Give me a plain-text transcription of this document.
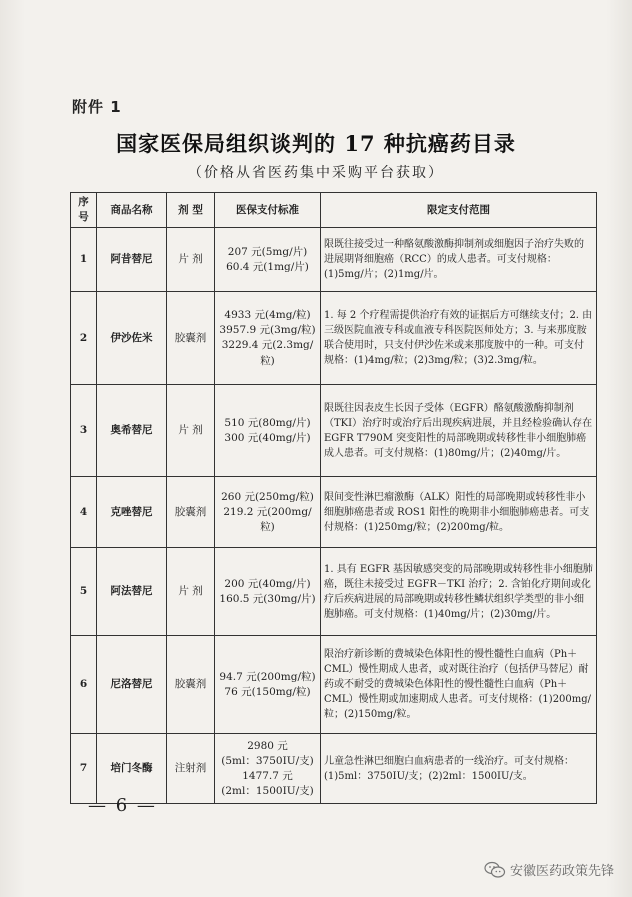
附件 1
国家医保局组织谈判的 17 种抗癌药目录
（价格从省医药集中采购平台获取）
序号	商品名称	剂 型	医保支付标准	限定支付范围
1	阿昔替尼	片 剂	207 元(5mg/片)
60.4 元(1mg/片)	限既往接受过一种酪氨酸激酶抑制剂或细胞因子治疗失败的进展期肾细胞癌（RCC）的成人患者。可支付规格：(1)5mg/片；(2)1mg/片。
2	伊沙佐米	胶囊剂	4933 元(4mg/粒)
3957.9 元(3mg/粒)
3229.4 元(2.3mg/粒)	1. 每 2 个疗程需提供治疗有效的证据后方可继续支付；2. 由三级医院血液专科或血液专科医院医师处方；3. 与来那度胺联合使用时，只支付伊沙佐米或来那度胺中的一种。可支付规格：(1)4mg/粒；(2)3mg/粒；(3)2.3mg/粒。
3	奥希替尼	片 剂	510 元(80mg/片)
300 元(40mg/片)	限既往因表皮生长因子受体（EGFR）酪氨酸激酶抑制剂（TKI）治疗时或治疗后出现疾病进展，并且经检验确认存在 EGFR T790M 突变阳性的局部晚期或转移性非小细胞肺癌成人患者。可支付规格：(1)80mg/片；(2)40mg/片。
4	克唑替尼	胶囊剂	260 元(250mg/粒)
219.2 元(200mg/粒)	限间变性淋巴瘤激酶（ALK）阳性的局部晚期或转移性非小细胞肺癌患者或 ROS1 阳性的晚期非小细胞肺癌患者。可支付规格：(1)250mg/粒；(2)200mg/粒。
5	阿法替尼	片 剂	200 元(40mg/片)
160.5 元(30mg/片)	1. 具有 EGFR 基因敏感突变的局部晚期或转移性非小细胞肺癌，既往未接受过 EGFR－TKI 治疗；2. 含铂化疗期间或化疗后疾病进展的局部晚期或转移性鳞状组织学类型的非小细胞肺癌。可支付规格：(1)40mg/片；(2)30mg/片。
6	尼洛替尼	胶囊剂	94.7 元(200mg/粒)
76 元(150mg/粒)	限治疗新诊断的费城染色体阳性的慢性髓性白血病（Ph＋CML）慢性期成人患者，或对既往治疗（包括伊马替尼）耐药或不耐受的费城染色体阳性的慢性髓性白血病（Ph＋CML）慢性期或加速期成人患者。可支付规格：(1)200mg/粒；(2)150mg/粒。
7	培门冬酶	注射剂	2980 元
(5ml：3750IU/支)
1477.7 元
(2ml：1500IU/支)	儿童急性淋巴细胞白血病患者的一线治疗。可支付规格：(1)5ml：3750IU/支；(2)2ml：1500IU/支。
— 6 —
安徽医药政策先锋
